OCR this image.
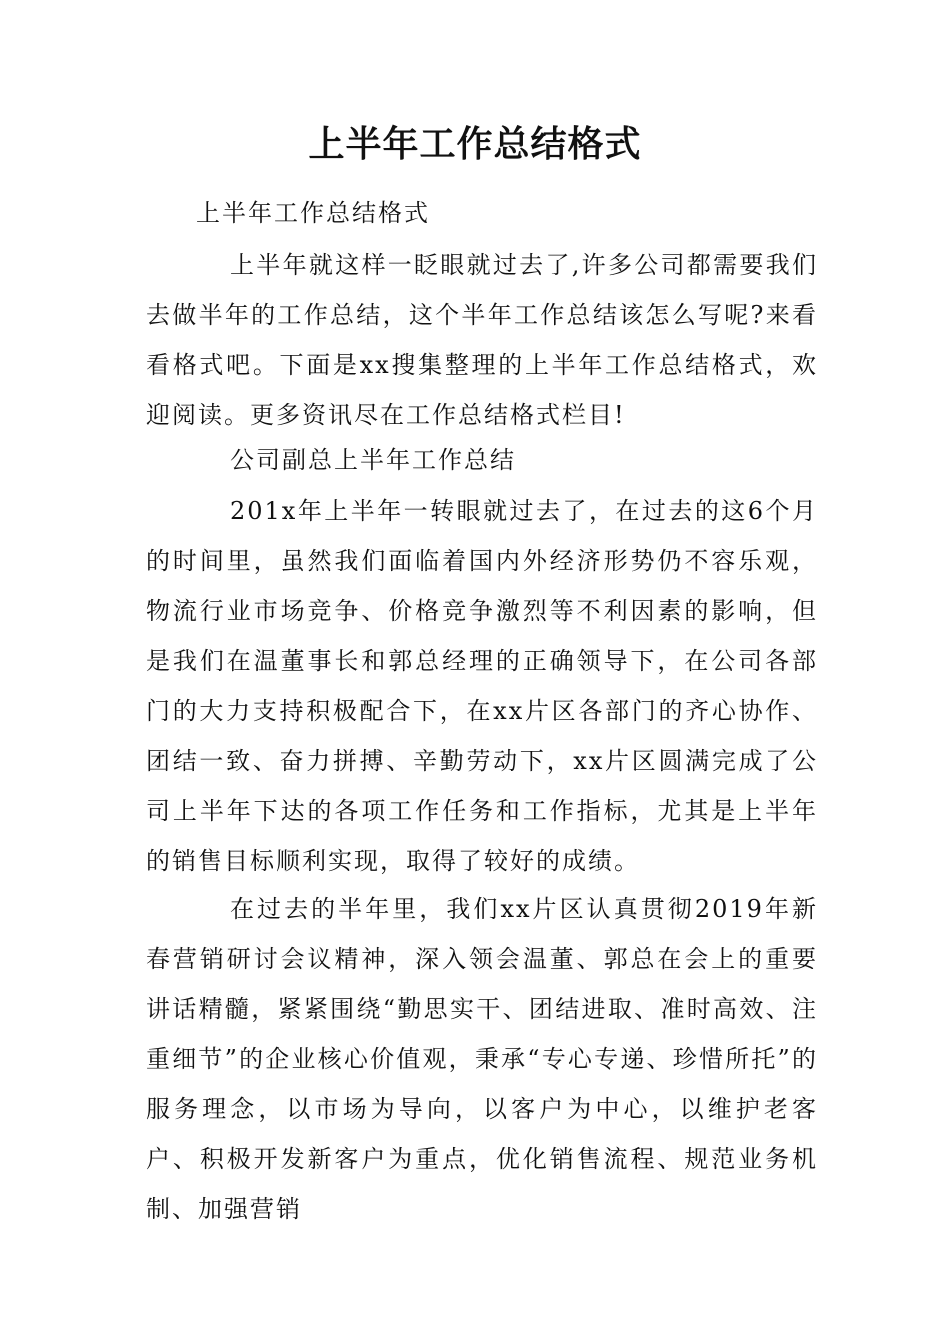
上半年工作总结格式

上半年工作总结格式

上半年就这样一眨眼就过去了,许多公司都需要我们去做半年的工作总结，这个半年工作总结该怎么写呢?来看看格式吧。下面是xx搜集整理的上半年工作总结格式，欢迎阅读。更多资讯尽在工作总结格式栏目!

公司副总上半年工作总结

201x年上半年一转眼就过去了，在过去的这6个月的时间里，虽然我们面临着国内外经济形势仍不容乐观，物流行业市场竞争、价格竞争激烈等不利因素的影响，但是我们在温董事长和郭总经理的正确领导下，在公司各部门的大力支持积极配合下，在xx片区各部门的齐心协作、团结一致、奋力拼搏、辛勤劳动下，xx片区圆满完成了公司上半年下达的各项工作任务和工作指标，尤其是上半年的销售目标顺利实现，取得了较好的成绩。

在过去的半年里，我们xx片区认真贯彻2019年新春营销研讨会议精神，深入领会温董、郭总在会上的重要讲话精髓，紧紧围绕“勤思实干、团结进取、准时高效、注重细节”的企业核心价值观，秉承“专心专递、珍惜所托”的服务理念，以市场为导向，以客户为中心，以维护老客户、积极开发新客户为重点，优化销售流程、规范业务机制、加强营销
